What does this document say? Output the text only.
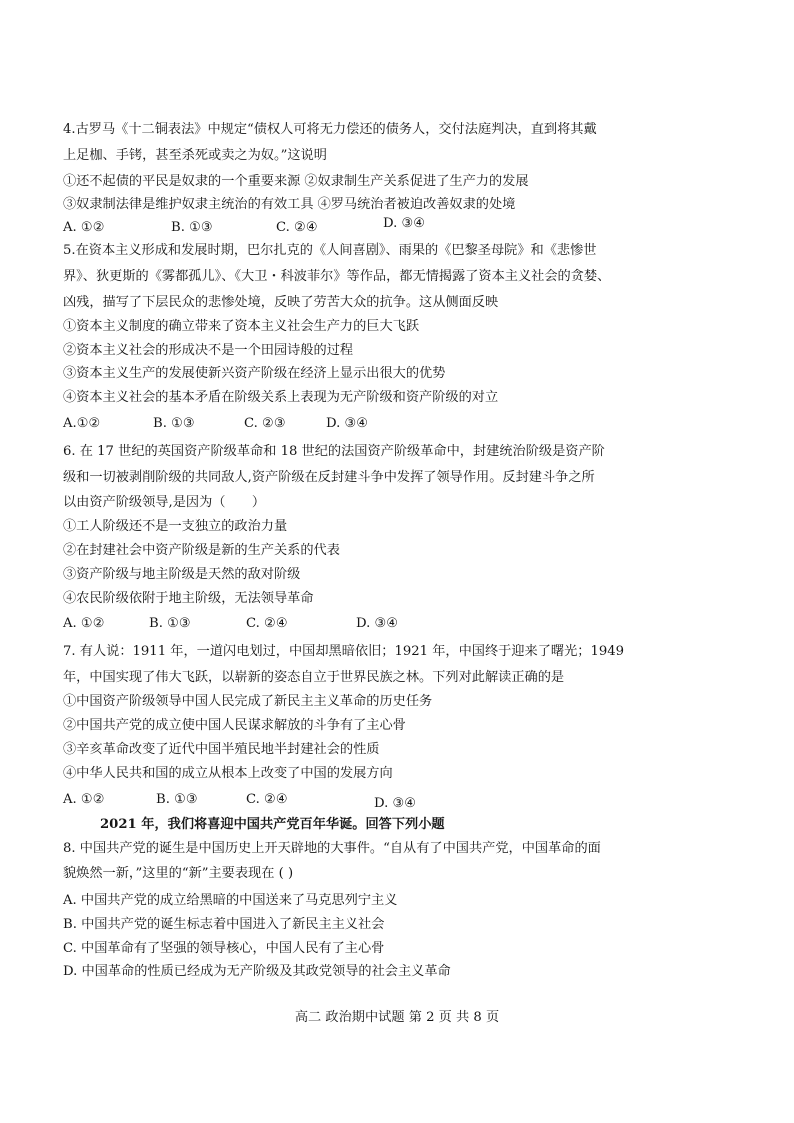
4.古罗马《十二铜表法》中规定“债权人可将无力偿还的债务人，交付法庭判决，直到将其戴
上足枷、手铐，甚至杀死或卖之为奴。”这说明
①还不起债的平民是奴隶的一个重要来源 ②奴隶制生产关系促进了生产力的发展
③奴隶制法律是维护奴隶主统治的有效工具 ④罗马统治者被迫改善奴隶的处境
A. ①②	B. ①③	C. ②④	D. ③④
5.在资本主义形成和发展时期，巴尔扎克的《人间喜剧》、雨果的《巴黎圣母院》和《悲惨世
界》、狄更斯的《雾都孤儿》、《大卫・科波菲尔》等作品，都无情揭露了资本主义社会的贪婪、
凶残，描写了下层民众的悲惨处境，反映了劳苦大众的抗争。这从侧面反映
①资本主义制度的确立带来了资本主义社会生产力的巨大飞跃
②资本主义社会的形成决不是一个田园诗般的过程
③资本主义生产的发展使新兴资产阶级在经济上显示出很大的优势
④资本主义社会的基本矛盾在阶级关系上表现为无产阶级和资产阶级的对立
A.①②	B. ①③	C. ②③	D. ③④
6. 在 17 世纪的英国资产阶级革命和 18 世纪的法国资产阶级革命中，封建统治阶级是资产阶
级和一切被剥削阶级的共同敌人,资产阶级在反封建斗争中发挥了领导作用。反封建斗争之所
以由资产阶级领导,是因为（　　）
①工人阶级还不是一支独立的政治力量
②在封建社会中资产阶级是新的生产关系的代表
③资产阶级与地主阶级是天然的敌对阶级
④农民阶级依附于地主阶级，无法领导革命
A. ①②	B. ①③	C. ②④	D. ③④
7. 有人说：1911 年，一道闪电划过，中国却黑暗依旧；1921 年，中国终于迎来了曙光；1949
年，中国实现了伟大飞跃，以崭新的姿态自立于世界民族之林。下列对此解读正确的是
①中国资产阶级领导中国人民完成了新民主主义革命的历史任务
②中国共产党的成立使中国人民谋求解放的斗争有了主心骨
③辛亥革命改变了近代中国半殖民地半封建社会的性质
④中华人民共和国的成立从根本上改变了中国的发展方向
A. ①②	B. ①③	C. ②④	D. ③④
2021 年，我们将喜迎中国共产党百年华诞。回答下列小题
8. 中国共产党的诞生是中国历史上开天辟地的大事件。“自从有了中国共产党，中国革命的面
貌焕然一新，”这里的“新”主要表现在 ( )
A. 中国共产党的成立给黑暗的中国送来了马克思列宁主义
B. 中国共产党的诞生标志着中国进入了新民主主义社会
C. 中国革命有了坚强的领导核心，中国人民有了主心骨
D. 中国革命的性质已经成为无产阶级及其政党领导的社会主义革命
高二 政治期中试题 第 2 页 共 8 页
